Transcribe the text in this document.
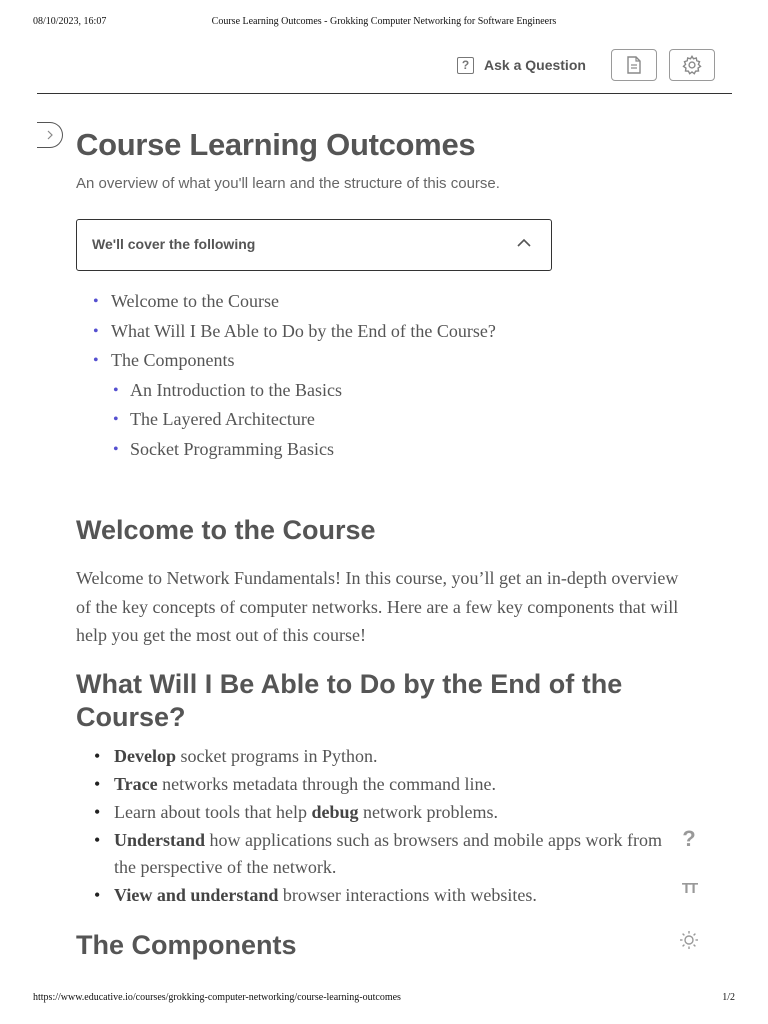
08/10/2023, 16:07	Course Learning Outcomes - Grokking Computer Networking for Software Engineers
?	Ask a Question
Course Learning Outcomes

An overview of what you'll learn and the structure of this course.

We'll cover the following
• Welcome to the Course
• What Will I Be Able to Do by the End of the Course?
• The Components
• An Introduction to the Basics
• The Layered Architecture
• Socket Programming Basics
Welcome to the Course

Welcome to Network Fundamentals! In this course, you’ll get an in-depth overview of the key concepts of computer networks. Here are a few key components that will help you get the most out of this course!

What Will I Be Able to Do by the End of the Course?
• Develop socket programs in Python.
• Trace networks metadata through the command line.
• Learn about tools that help debug network problems.
• Understand how applications such as browsers and mobile apps work from the perspective of the network.
• View and understand browser interactions with websites.
The Components
?
TT
https://www.educative.io/courses/grokking-computer-networking/course-learning-outcomes	1/2
